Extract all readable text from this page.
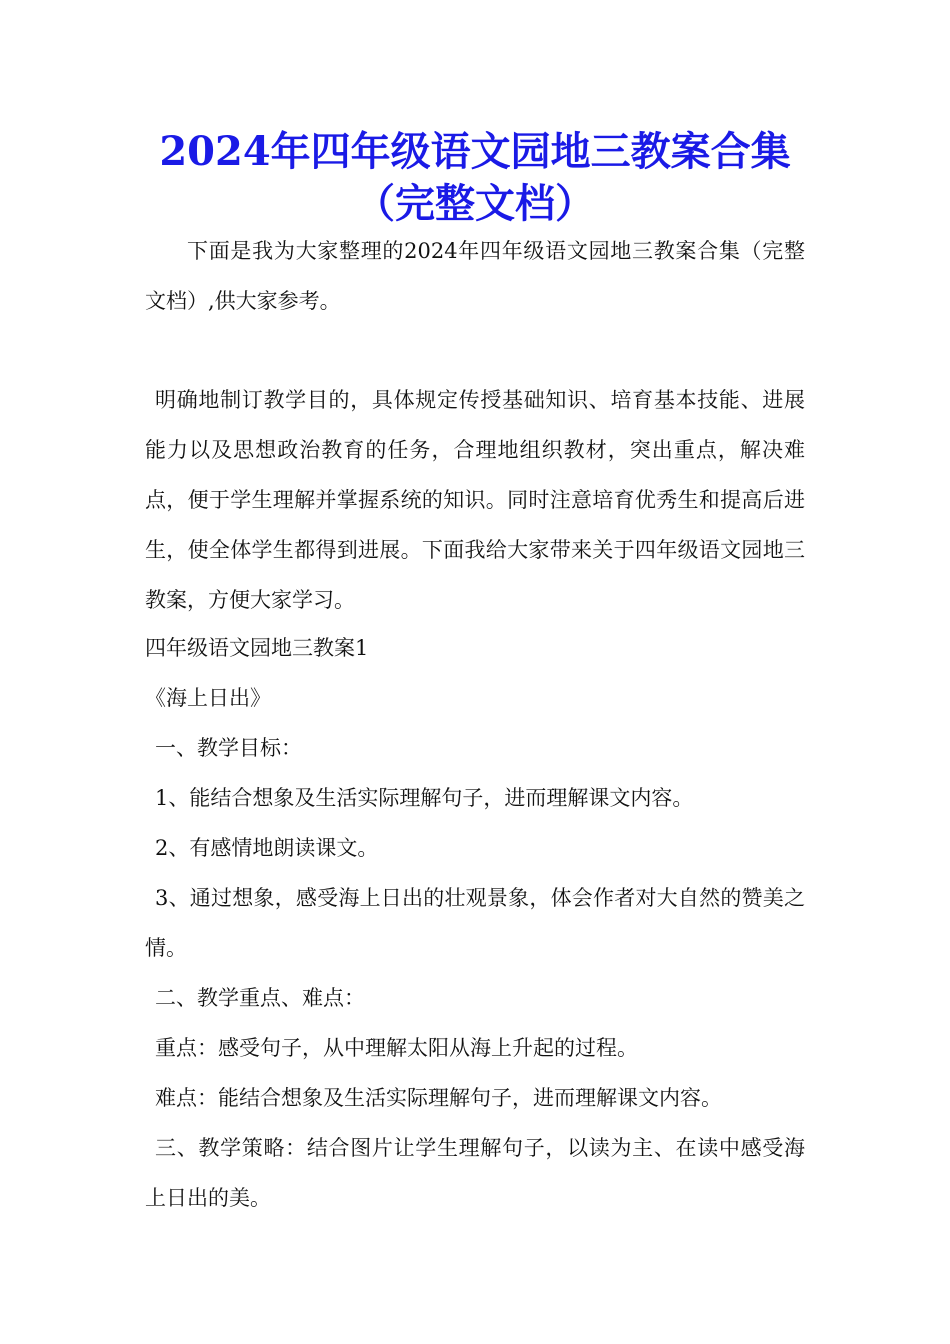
2024年四年级语文园地三教案合集
（完整文档）

下面是我为大家整理的2024年四年级语文园地三教案合集（完整文档）,供大家参考。

明确地制订教学目的，具体规定传授基础知识、培育基本技能、进展能力以及思想政治教育的任务，合理地组织教材，突出重点，解决难点，便于学生理解并掌握系统的知识。同时注意培育优秀生和提高后进生，使全体学生都得到进展。下面我给大家带来关于四年级语文园地三教案，方便大家学习。

四年级语文园地三教案1

《海上日出》

一、教学目标：

1、能结合想象及生活实际理解句子，进而理解课文内容。

2、有感情地朗读课文。

3、通过想象，感受海上日出的壮观景象，体会作者对大自然的赞美之情。

二、教学重点、难点：

重点：感受句子，从中理解太阳从海上升起的过程。

难点：能结合想象及生活实际理解句子，进而理解课文内容。

三、教学策略：结合图片让学生理解句子，以读为主、在读中感受海上日出的美。
